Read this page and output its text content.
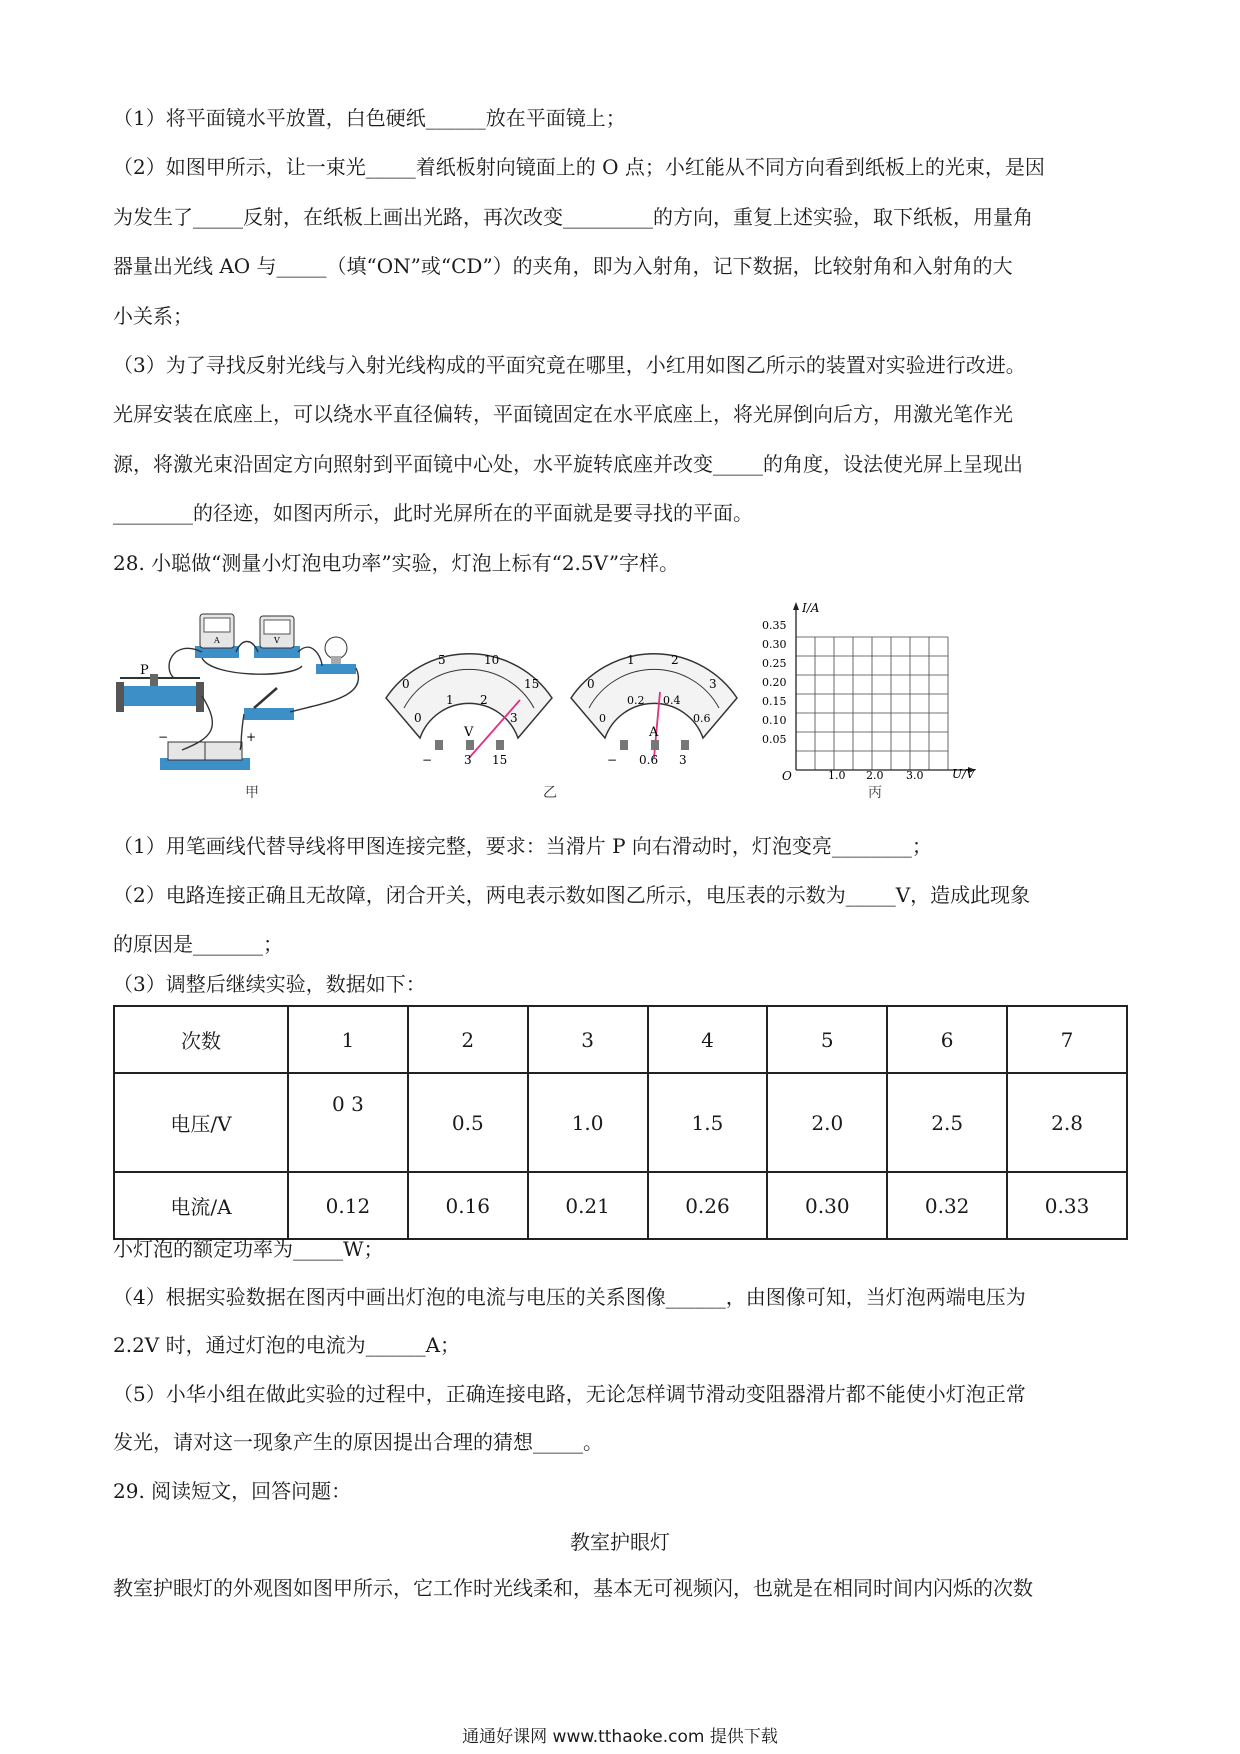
（1）将平面镜水平放置，白色硬纸______放在平面镜上；
（2）如图甲所示，让一束光_____着纸板射向镜面上的 O 点；小红能从不同方向看到纸板上的光束，是因
为发生了_____反射，在纸板上画出光路，再次改变_________的方向，重复上述实验，取下纸板，用量角
器量出光线 AO 与_____（填“ON”或“CD”）的夹角，即为入射角，记下数据，比较射角和入射角的大
小关系；
（3）为了寻找反射光线与入射光线构成的平面究竟在哪里，小红用如图乙所示的装置对实验进行改进。
光屏安装在底座上，可以绕水平直径偏转，平面镜固定在水平底座上，将光屏倒向后方，用激光笔作光
源，将激光束沿固定方向照射到平面镜中心处，水平旋转底座并改变_____的角度，设法使光屏上呈现出
________的径迹，如图丙所示，此时光屏所在的平面就是要寻找的平面。
28. 小聪做“测量小灯泡电功率”实验，灯泡上标有“2.5V”字样。
A	V
P
−	+
甲
0
5	10
15
0
1 2
3
V
−	3 15
0
1	2
3
0
0.2 0.4
0.6
A
− 0.6 3
乙
I/A
U/V
O
0.35
0.30
0.25
0.20
0.15
0.10
0.05
1.0 2.0 3.0
丙
（1）用笔画线代替导线将甲图连接完整，要求：当滑片 P 向右滑动时，灯泡变亮________；
（2）电路连接正确且无故障，闭合开关，两电表示数如图乙所示，电压表的示数为_____V，造成此现象
的原因是_______；
（3）调整后继续实验，数据如下：
次数	1	2	3	4	5	6	7
电压/V	0 3	0.5	1.0	1.5	2.0	2.5	2.8
电流/A	0.12	0.16	0.21	0.26	0.30	0.32	0.33
小灯泡的额定功率为_____W；
（4）根据实验数据在图丙中画出灯泡的电流与电压的关系图像______，由图像可知，当灯泡两端电压为
2.2V 时，通过灯泡的电流为______A；
（5）小华小组在做此实验的过程中，正确连接电路，无论怎样调节滑动变阻器滑片都不能使小灯泡正常
发光，请对这一现象产生的原因提出合理的猜想_____。
29. 阅读短文，回答问题：
教室护眼灯
教室护眼灯的外观图如图甲所示，它工作时光线柔和，基本无可视频闪，也就是在相同时间内闪烁的次数
通通好课网 www.tthaoke.com 提供下载
